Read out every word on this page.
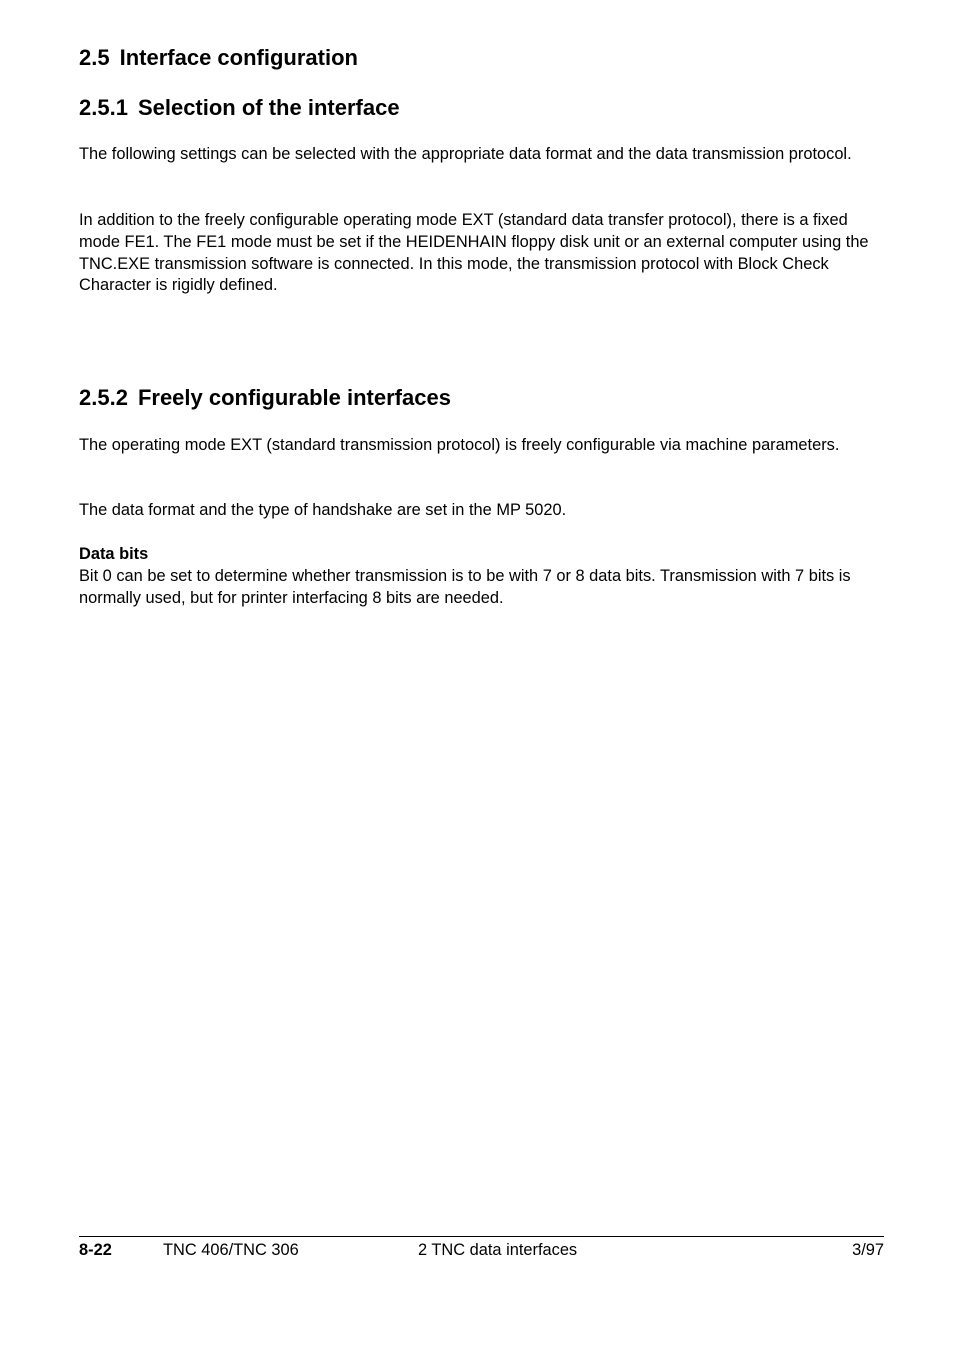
2.5 Interface configuration
2.5.1 Selection of the interface

The following settings can be selected with the appropriate data format and the data transmission protocol.

In addition to the freely configurable operating mode EXT (standard data transfer protocol), there is a fixed mode FE1. The FE1 mode must be set if the HEIDENHAIN floppy disk unit or an external computer using the TNC.EXE transmission software is connected. In this mode, the transmission protocol with Block Check Character is rigidly defined.

2.5.2 Freely configurable interfaces

The operating mode EXT (standard transmission protocol) is freely configurable via machine parameters.

The data format and the type of handshake are set in the MP 5020.

Data bits

Bit 0 can be set to determine whether transmission is to be with 7 or 8 data bits. Transmission with 7 bits is normally used, but for printer interfacing 8 bits are needed.

8-22	TNC 406/TNC 306	2 TNC data interfaces	3/97
